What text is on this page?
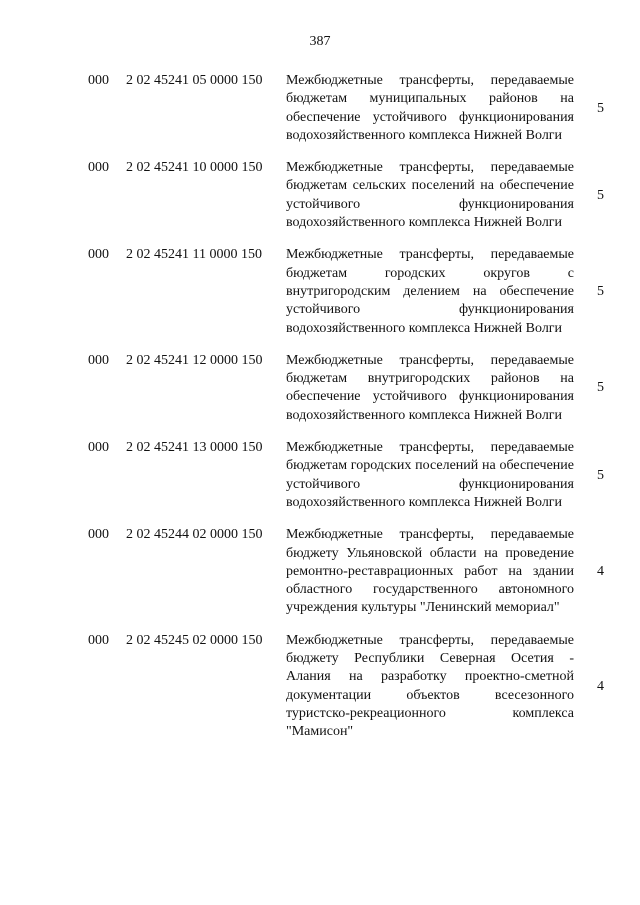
387
000	2 02 45241 05 0000 150	Межбюджетные трансферты, передаваемые бюджетам муниципальных районов на обеспечение устойчивого функционирования водохозяйственного комплекса Нижней Волги
5
000	2 02 45241 10 0000 150	Межбюджетные трансферты, передаваемые бюджетам сельских поселений на обеспечение устойчивого функционирования водохозяйственного комплекса Нижней Волги
5
000	2 02 45241 11 0000 150	Межбюджетные трансферты, передаваемые бюджетам городских округов с внутригородским делением на обеспечение устойчивого функционирования водохозяйственного комплекса Нижней Волги
5
000	2 02 45241 12 0000 150	Межбюджетные трансферты, передаваемые бюджетам внутригородских районов на обеспечение устойчивого функционирования водохозяйственного комплекса Нижней Волги
5
000	2 02 45241 13 0000 150	Межбюджетные трансферты, передаваемые бюджетам городских поселений на обеспечение устойчивого функционирования водохозяйственного комплекса Нижней Волги
5
000	2 02 45244 02 0000 150	Межбюджетные трансферты, передаваемые бюджету Ульяновской области на проведение ремонтно-реставрационных работ на здании областного государственного автономного учреждения культуры "Ленинский мемориал"
4
000	2 02 45245 02 0000 150	Межбюджетные трансферты, передаваемые бюджету Республики Северная Осетия - Алания на разработку проектно-сметной документации объектов всесезонного туристско-рекреационного комплекса "Мамисон"
4
